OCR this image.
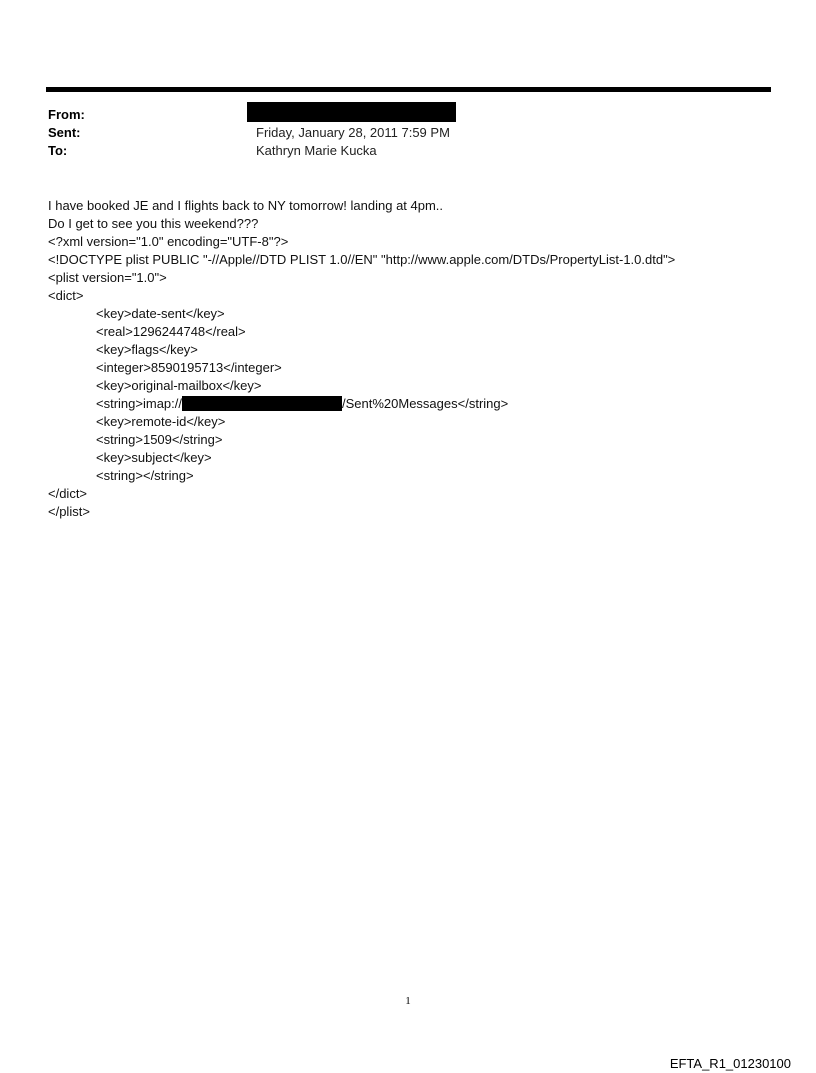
From:
Sent:	Friday, January 28, 2011 7:59 PM
To:	Kathryn Marie Kucka
I have booked JE and I flights back to NY tomorrow! landing at 4pm..
Do I get to see you this weekend???
<?xml version="1.0" encoding="UTF-8"?>
<!DOCTYPE plist PUBLIC "-//Apple//DTD PLIST 1.0//EN" "http://www.apple.com/DTDs/PropertyList-1.0.dtd">
<plist version="1.0">
<dict>
<key>date-sent</key>
<real>1296244748</real>
<key>flags</key>
<integer>8590195713</integer>
<key>original-mailbox</key>
<string>imap://	/Sent%20Messages</string>
<key>remote-id</key>
<string>1509</string>
<key>subject</key>
<string></string>
</dict>
</plist>
1
EFTA_R1_01230100
